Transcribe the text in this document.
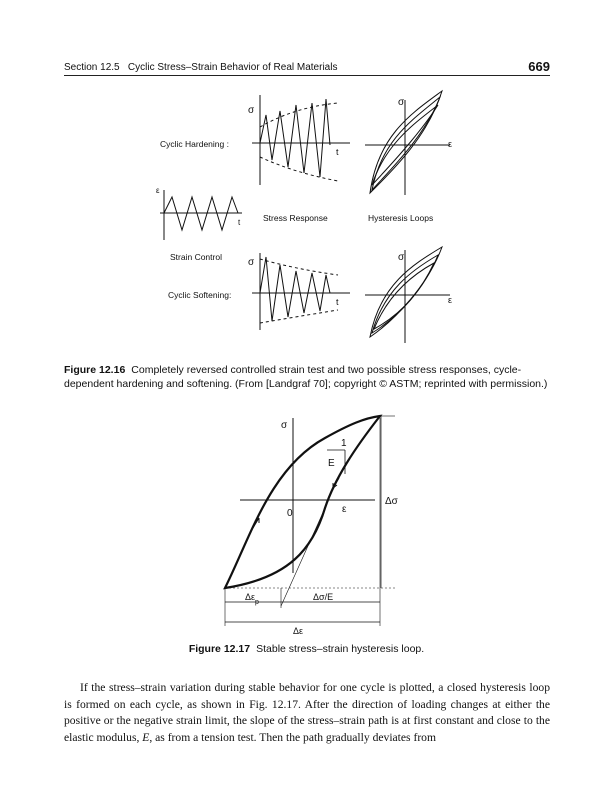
Section 12.5   Cyclic Stress–Strain Behavior of Real Materials	669
σ
t
σ
ε
Cyclic Hardening :
ε
t
Strain Control
Stress Response	Hysteresis Loops
σ
t
σ
ε
Cyclic Softening:
Figure 12.16 Completely reversed controlled strain test and two possible stress responses, cycle-dependent hardening and softening. (From [Landgraf 70]; copyright © ASTM; reprinted with permission.)
σ
ε
0
1
E
Δσ
$\Delta\varepsilon_p$
Δσ/E
Δε
Figure 12.17 Stable stress–strain hysteresis loop.

If the stress–strain variation during stable behavior for one cycle is plotted, a closed hysteresis loop is formed on each cycle, as shown in Fig. 12.17. After the direction of loading changes at either the positive or the negative strain limit, the slope of the stress–strain path is at first constant and close to the elastic modulus, E, as from a tension test. Then the path gradually deviates from
